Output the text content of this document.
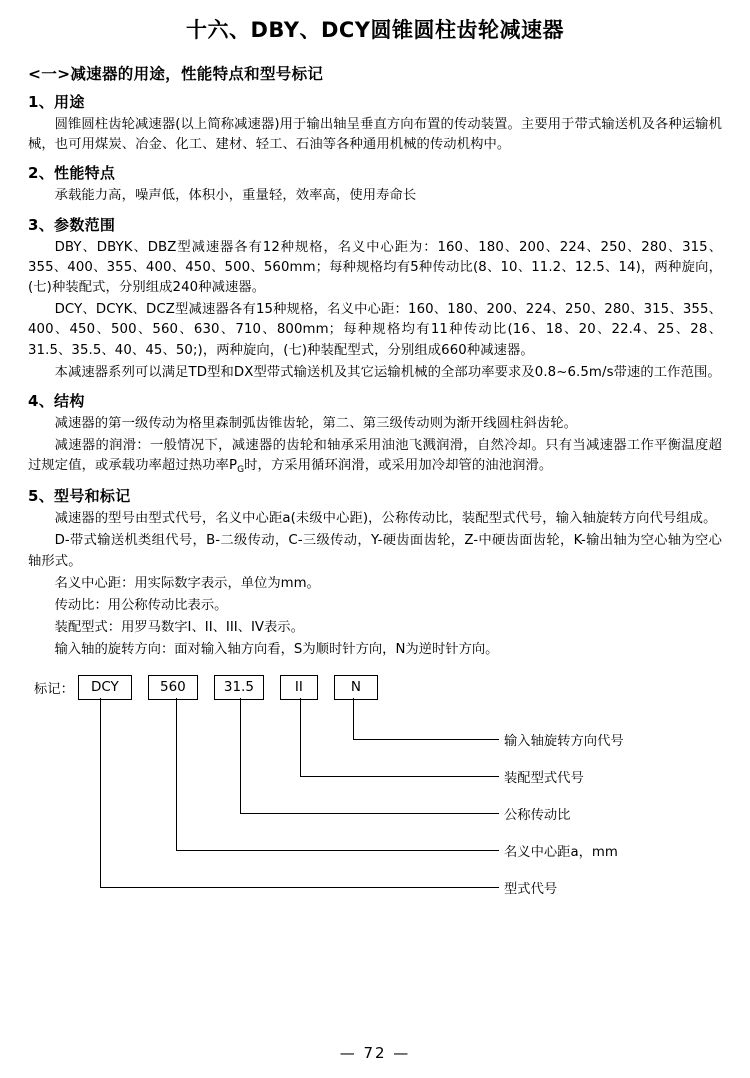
十六、DBY、DCY圆锥圆柱齿轮减速器
<一>减速器的用途，性能特点和型号标记
1、用途

圆锥圆柱齿轮减速器(以上简称减速器)用于输出轴呈垂直方向布置的传动装置。主要用于带式输送机及各种运输机械，也可用煤炭、冶金、化工、建材、轻工、石油等各种通用机械的传动机构中。

2、性能特点

承载能力高，噪声低，体积小，重量轻，效率高，使用寿命长

3、参数范围

DBY、DBYK、DBZ型减速器各有12种规格，名义中心距为：160、180、200、224、250、280、315、355、400、355、400、450、500、560mm；每种规格均有5种传动比(8、10、11.2、12.5、14)，两种旋向，(七)种装配式，分别组成240种减速器。

DCY、DCYK、DCZ型减速器各有15种规格，名义中心距：160、180、200、224、250、280、315、355、400、450、500、560、630、710、800mm；每种规格均有11种传动比(16、18、20、22.4、25、28、31.5、35.5、40、45、50;)，两种旋向，(七)种装配型式，分别组成660种减速器。

本减速器系列可以满足TD型和DX型带式输送机及其它运输机械的全部功率要求及0.8~6.5m/s带速的工作范围。

4、结构

减速器的第一级传动为格里森制弧齿锥齿轮，第二、第三级传动则为渐开线圆柱斜齿轮。

减速器的润滑：一般情况下，减速器的齿轮和轴承采用油池飞溅润滑，自然冷却。只有当减速器工作平衡温度超过规定值，或承载功率超过热功率$P_G$时，方采用循环润滑，或采用加冷却管的油池润滑。

5、型号和标记

减速器的型号由型式代号，名义中心距a(未级中心距)，公称传动比，装配型式代号，输入轴旋转方向代号组成。

D-带式输送机类组代号，B-二级传动，C-三级传动，Y-硬齿面齿轮，Z-中硬齿面齿轮，K-输出轴为空心轴为空心轴形式。

名义中心距：用实际数字表示，单位为mm。

传动比：用公称传动比表示。

装配型式：用罗马数字I、II、III、IV表示。

输入轴的旋转方向：面对输入轴方向看，S为顺时针方向，N为逆时针方向。

标记：	DCY	560	31.5	II	N
输入轴旋转方向代号
装配型式代号
公称传动比
名义中心距a，mm
型式代号
— 72 —
